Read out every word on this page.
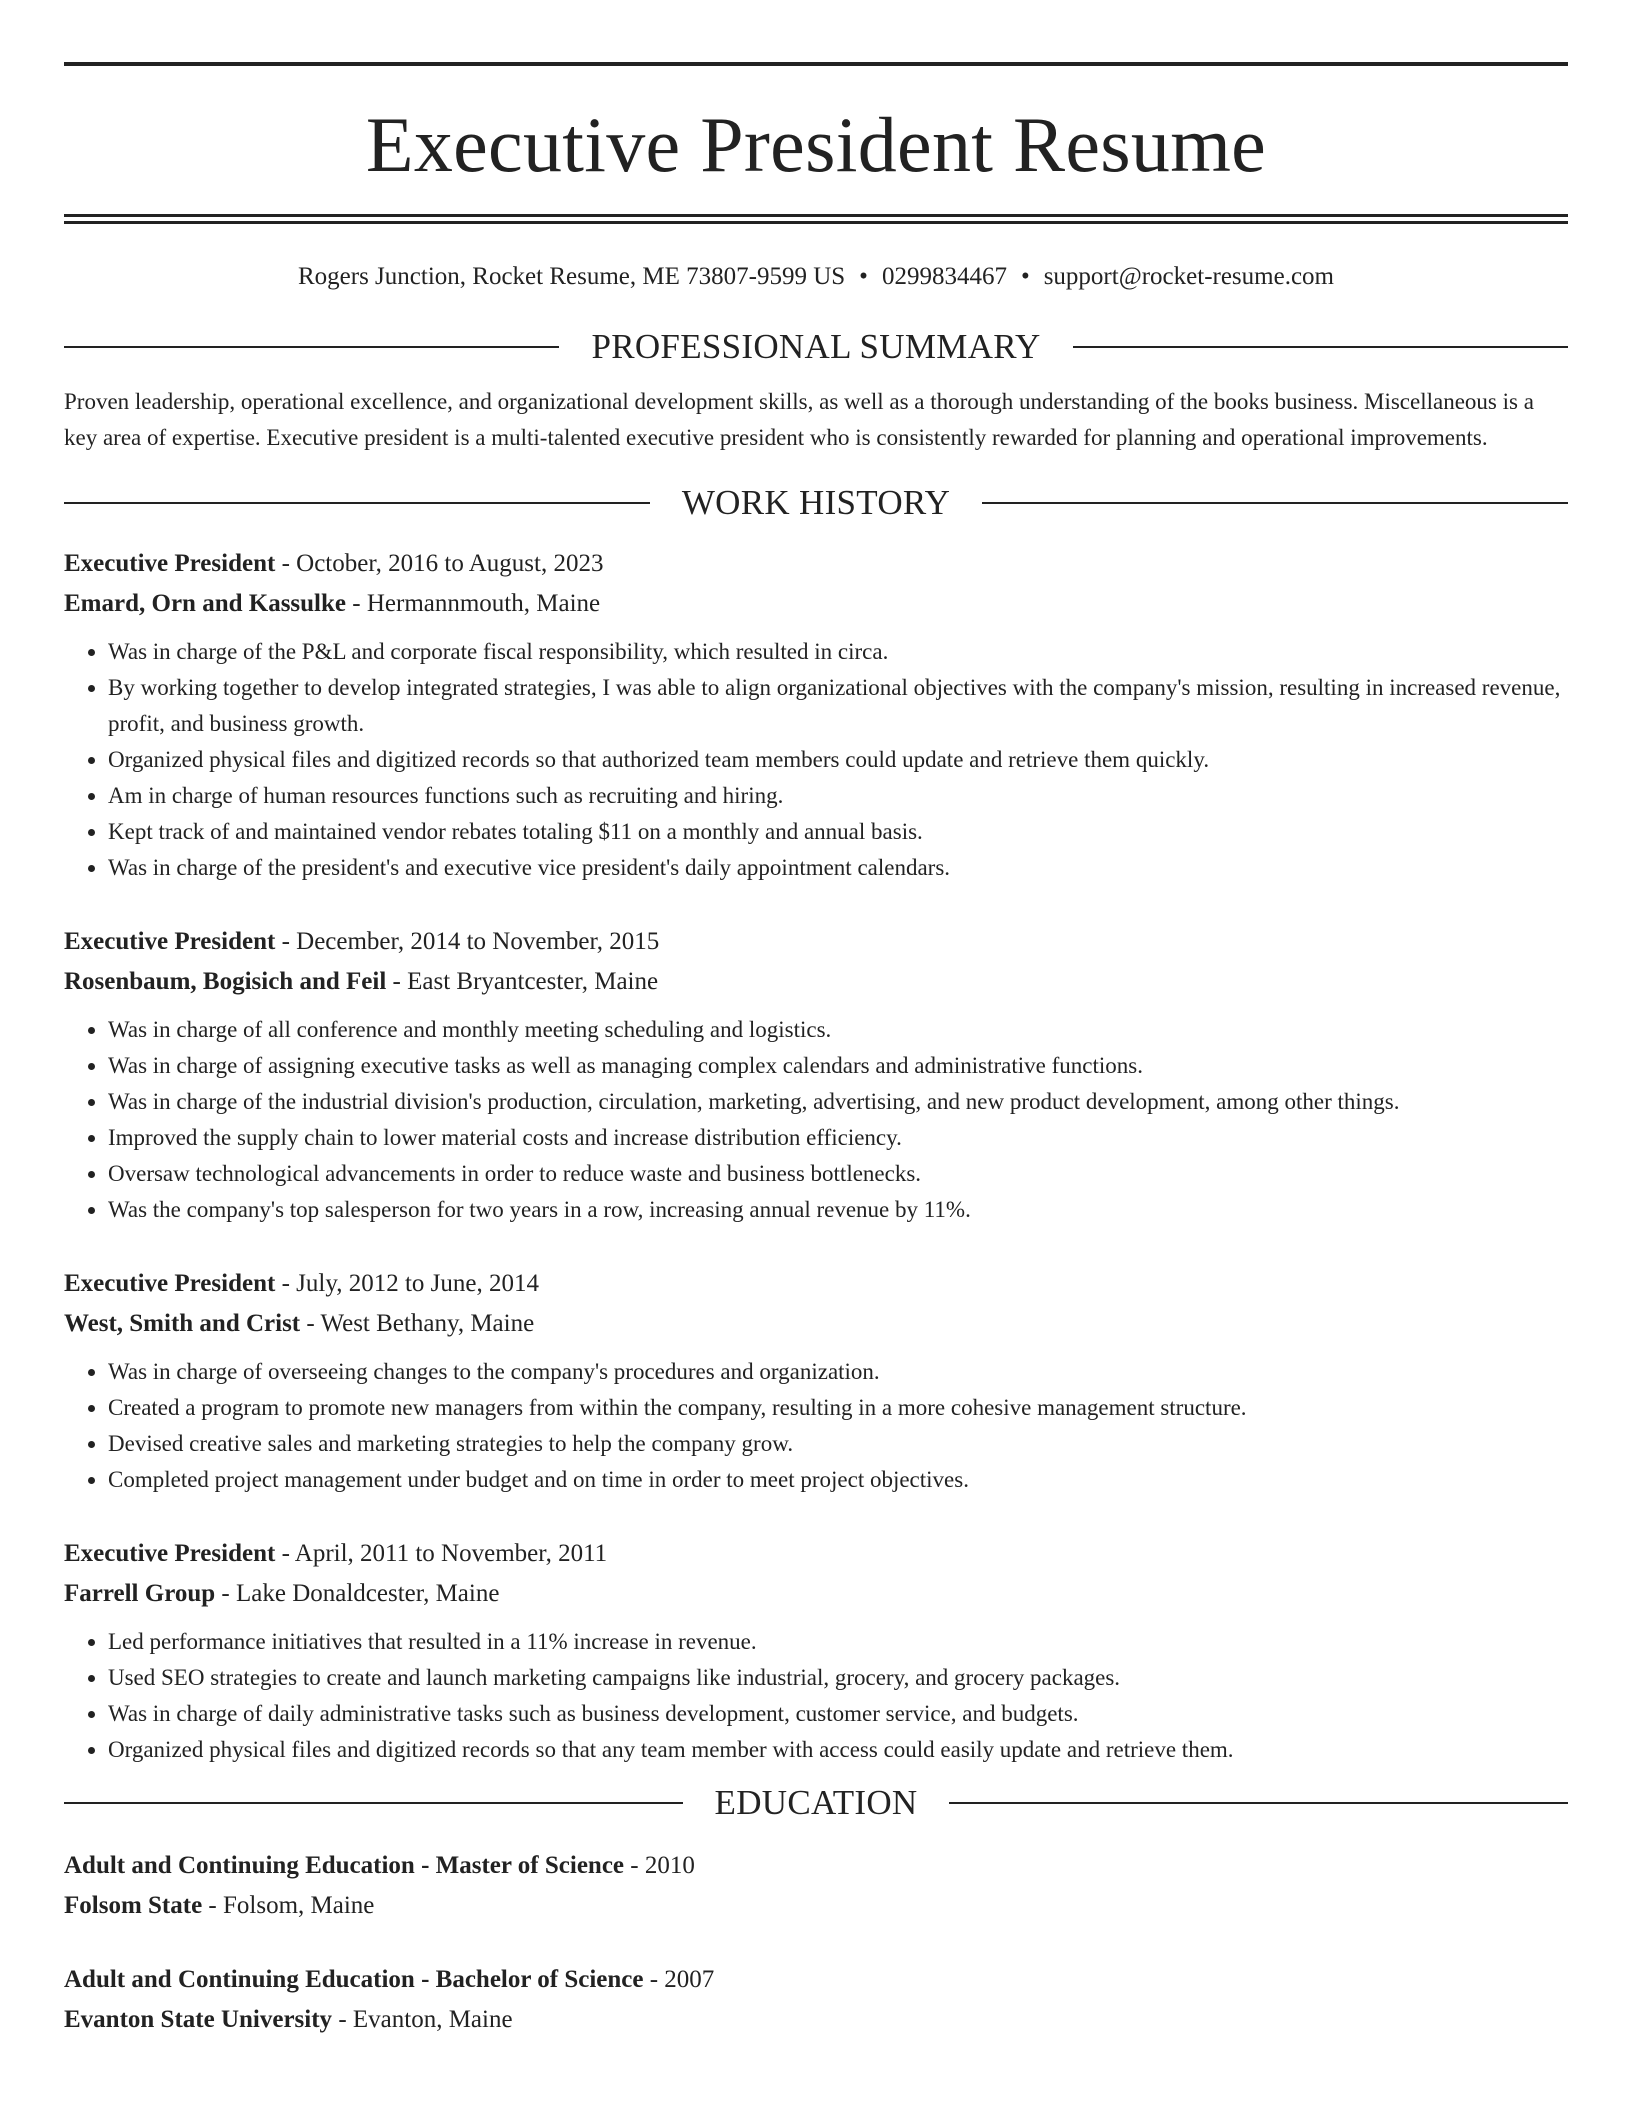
Executive President Resume
Rogers Junction, Rocket Resume, ME 73807-9599 US • 0299834467 • support@rocket-resume.com
PROFESSIONAL SUMMARY
Proven leadership, operational excellence, and organizational development skills, as well as a thorough understanding of the books business. Miscellaneous is a key area of expertise. Executive president is a multi-talented executive president who is consistently rewarded for planning and operational improvements.
WORK HISTORY
Executive President - October, 2016 to August, 2023
Emard, Orn and Kassulke - Hermannmouth, Maine
• Was in charge of the P&L and corporate fiscal responsibility, which resulted in circa.
• By working together to develop integrated strategies, I was able to align organizational objectives with the company's mission, resulting in increased revenue, profit, and business growth.
• Organized physical files and digitized records so that authorized team members could update and retrieve them quickly.
• Am in charge of human resources functions such as recruiting and hiring.
• Kept track of and maintained vendor rebates totaling $11 on a monthly and annual basis.
• Was in charge of the president's and executive vice president's daily appointment calendars.
Executive President - December, 2014 to November, 2015
Rosenbaum, Bogisich and Feil - East Bryantcester, Maine
• Was in charge of all conference and monthly meeting scheduling and logistics.
• Was in charge of assigning executive tasks as well as managing complex calendars and administrative functions.
• Was in charge of the industrial division's production, circulation, marketing, advertising, and new product development, among other things.
• Improved the supply chain to lower material costs and increase distribution efficiency.
• Oversaw technological advancements in order to reduce waste and business bottlenecks.
• Was the company's top salesperson for two years in a row, increasing annual revenue by 11%.
Executive President - July, 2012 to June, 2014
West, Smith and Crist - West Bethany, Maine
• Was in charge of overseeing changes to the company's procedures and organization.
• Created a program to promote new managers from within the company, resulting in a more cohesive management structure.
• Devised creative sales and marketing strategies to help the company grow.
• Completed project management under budget and on time in order to meet project objectives.
Executive President - April, 2011 to November, 2011
Farrell Group - Lake Donaldcester, Maine
• Led performance initiatives that resulted in a 11% increase in revenue.
• Used SEO strategies to create and launch marketing campaigns like industrial, grocery, and grocery packages.
• Was in charge of daily administrative tasks such as business development, customer service, and budgets.
• Organized physical files and digitized records so that any team member with access could easily update and retrieve them.
EDUCATION
Adult and Continuing Education - Master of Science - 2010
Folsom State - Folsom, Maine
Adult and Continuing Education - Bachelor of Science - 2007
Evanton State University - Evanton, Maine
